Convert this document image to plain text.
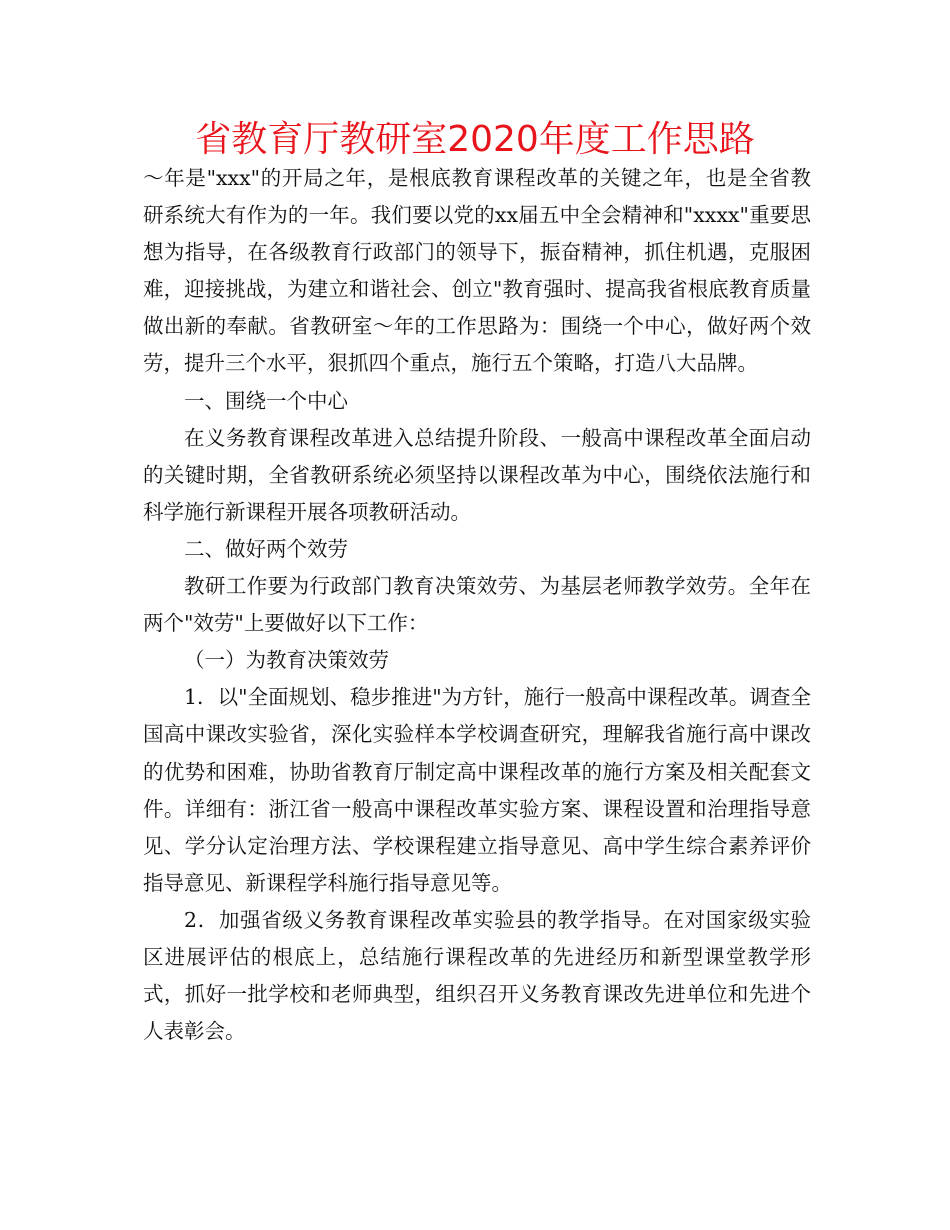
省教育厅教研室2020年度工作思路

～年是"xxx"的开局之年，是根底教育课程改革的关键之年，也是全省教研系统大有作为的一年。我们要以党的xx届五中全会精神和"xxxx"重要思想为指导，在各级教育行政部门的领导下，振奋精神，抓住机遇，克服困难，迎接挑战，为建立和谐社会、创立"教育强时、提高我省根底教育质量做出新的奉献。省教研室～年的工作思路为：围绕一个中心，做好两个效劳，提升三个水平，狠抓四个重点，施行五个策略，打造八大品牌。

一、围绕一个中心

在义务教育课程改革进入总结提升阶段、一般高中课程改革全面启动的关键时期，全省教研系统必须坚持以课程改革为中心，围绕依法施行和科学施行新课程开展各项教研活动。

二、做好两个效劳

教研工作要为行政部门教育决策效劳、为基层老师教学效劳。全年在两个"效劳"上要做好以下工作：

（一）为教育决策效劳

1．以"全面规划、稳步推进"为方针，施行一般高中课程改革。调查全国高中课改实验省，深化实验样本学校调查研究，理解我省施行高中课改的优势和困难，协助省教育厅制定高中课程改革的施行方案及相关配套文件。详细有：浙江省一般高中课程改革实验方案、课程设置和治理指导意见、学分认定治理方法、学校课程建立指导意见、高中学生综合素养评价指导意见、新课程学科施行指导意见等。

2．加强省级义务教育课程改革实验县的教学指导。在对国家级实验区进展评估的根底上，总结施行课程改革的先进经历和新型课堂教学形式，抓好一批学校和老师典型，组织召开义务教育课改先进单位和先进个人表彰会。
